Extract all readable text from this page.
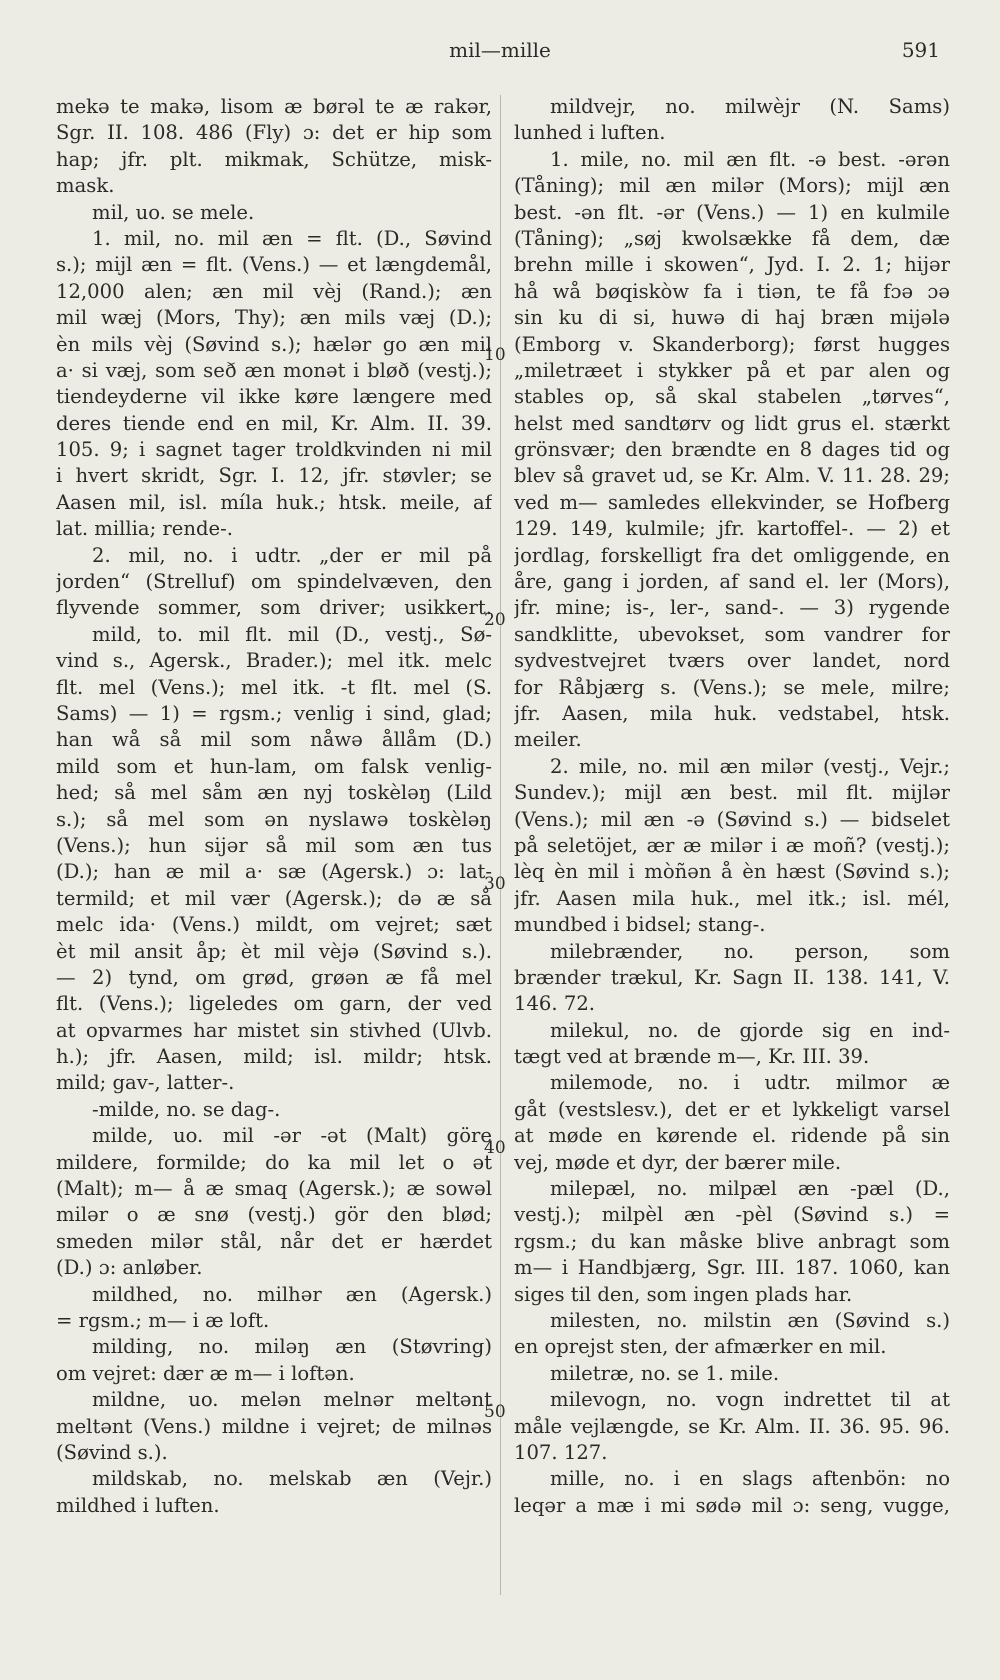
mil—mille	591
mekə te makə, lisom æ børəl te æ rakər,
Sgr. II. 108. 486 (Fly) ɔ: det er hip som
hap; jfr. plt. mikmak, Schütze, misk-
mask.
mil, uo. se mele.
1. mil, no. mil æn = flt. (D., Søvind
s.); mijl æn = flt. (Vens.) — et længdemål,
12,000 alen; æn mil vèj (Rand.); æn
mil wæj (Mors, Thy); æn mils væj (D.);
èn mils vèj (Søvind s.); hælər go æn mil
a· si væj, som seð æn monət i bløð (vestj.);
tiendeyderne vil ikke køre længere med
deres tiende end en mil, Kr. Alm. II. 39.
105. 9; i sagnet tager troldkvinden ni mil
i hvert skridt, Sgr. I. 12, jfr. støvler; se
Aasen mil, isl. míla huk.; htsk. meile, af
lat. millia; rende-.
2. mil, no. i udtr. „der er mil på
jorden“ (Strelluf) om spindelvæven, den
flyvende sommer, som driver; usikkert.
mild, to. mil flt. mil (D., vestj., Sø-
vind s., Agersk., Brader.); mel itk. melc
flt. mel (Vens.); mel itk. -t flt. mel (S.
Sams) — 1) = rgsm.; venlig i sind, glad;
han wå så mil som nåwə ållåm (D.)
mild som et hun-lam, om falsk venlig-
hed; så mel såm æn nyj toskèləŋ (Lild
s.); så mel som ən nyslawə toskèləŋ
(Vens.); hun sijər så mil som æn tus
(D.); han æ mil a· sæ (Agersk.) ɔ: lat-
termild; et mil vær (Agersk.); də æ så
melc ida· (Vens.) mildt, om vejret; sæt
èt mil ansit åp; èt mil vèjə (Søvind s.).
— 2) tynd, om grød, grøən æ få mel
flt. (Vens.); ligeledes om garn, der ved
at opvarmes har mistet sin stivhed (Ulvb.
h.); jfr. Aasen, mild; isl. mildr; htsk.
mild; gav-, latter-.
-milde, no. se dag-.
milde, uo. mil -ər -ət (Malt) göre
mildere, formilde; do ka mil let o ət
(Malt); m— å æ smaq (Agersk.); æ sowəl
milər o æ snø (vestj.) gör den blød;
smeden milər stål, når det er hærdet
(D.) ɔ: anløber.
mildhed, no. milhər æn (Agersk.)
= rgsm.; m— i æ loft.
milding, no. miləŋ æn (Støvring)
om vejret: dær æ m— i loftən.
mildne, uo. melən melnər meltənt
meltənt (Vens.) mildne i vejret; de milnəs
(Søvind s.).
mildskab, no. melskab æn (Vejr.)
mildhed i luften.
mildvejr, no. milwèjr (N. Sams)
lunhed i luften.
1. mile, no. mil æn flt. -ə best. -ərən
(Tåning); mil æn milər (Mors); mijl æn
best. -ən flt. -ər (Vens.) — 1) en kulmile
(Tåning); „søj kwolsække få dem, dæ
brehn mille i skowen“, Jyd. I. 2. 1; hijər
hå wå bøqiskòw fa i tiən, te få fɔə ɔə
sin ku di si, huwə di haj bræn mijələ
(Emborg v. Skanderborg); først hugges
„miletræet i stykker på et par alen og
stables op, så skal stabelen „tørves“,
helst med sandtørv og lidt grus el. stærkt
grönsvær; den brændte en 8 dages tid og
blev så gravet ud, se Kr. Alm. V. 11. 28. 29;
ved m— samledes ellekvinder, se Hofberg
129. 149, kulmile; jfr. kartoffel-. — 2) et
jordlag, forskelligt fra det omliggende, en
åre, gang i jorden, af sand el. ler (Mors),
jfr. mine; is-, ler-, sand-. — 3) rygende
sandklitte, ubevokset, som vandrer for
sydvestvejret tværs over landet, nord
for Råbjærg s. (Vens.); se mele, milre;
jfr. Aasen, mila huk. vedstabel, htsk.
meiler.
2. mile, no. mil æn milər (vestj., Vejr.;
Sundev.); mijl æn best. mil flt. mijlər
(Vens.); mil æn -ə (Søvind s.) — bidselet
på seletöjet, ær æ milər i æ moñ? (vestj.);
lèq èn mil i mòñən å èn hæst (Søvind s.);
jfr. Aasen mila huk., mel itk.; isl. mél,
mundbed i bidsel; stang-.
milebrænder, no. person, som
brænder trækul, Kr. Sagn II. 138. 141, V.
146. 72.
milekul, no. de gjorde sig en ind-
tægt ved at brænde m—, Kr. III. 39.
milemode, no. i udtr. milmor æ
gåt (vestslesv.), det er et lykkeligt varsel
at møde en kørende el. ridende på sin
vej, møde et dyr, der bærer mile.
milepæl, no. milpæl æn -pæl (D.,
vestj.); milpèl æn -pèl (Søvind s.) =
rgsm.; du kan måske blive anbragt som
m— i Handbjærg, Sgr. III. 187. 1060, kan
siges til den, som ingen plads har.
milesten, no. milstin æn (Søvind s.)
en oprejst sten, der afmærker en mil.
miletræ, no. se 1. mile.
milevogn, no. vogn indrettet til at
måle vejlængde, se Kr. Alm. II. 36. 95. 96.
107. 127.
mille, no. i en slags aftenbön: no
leqər a mæ i mi sødə mil ɔ: seng, vugge,
10
20
30
40
50
